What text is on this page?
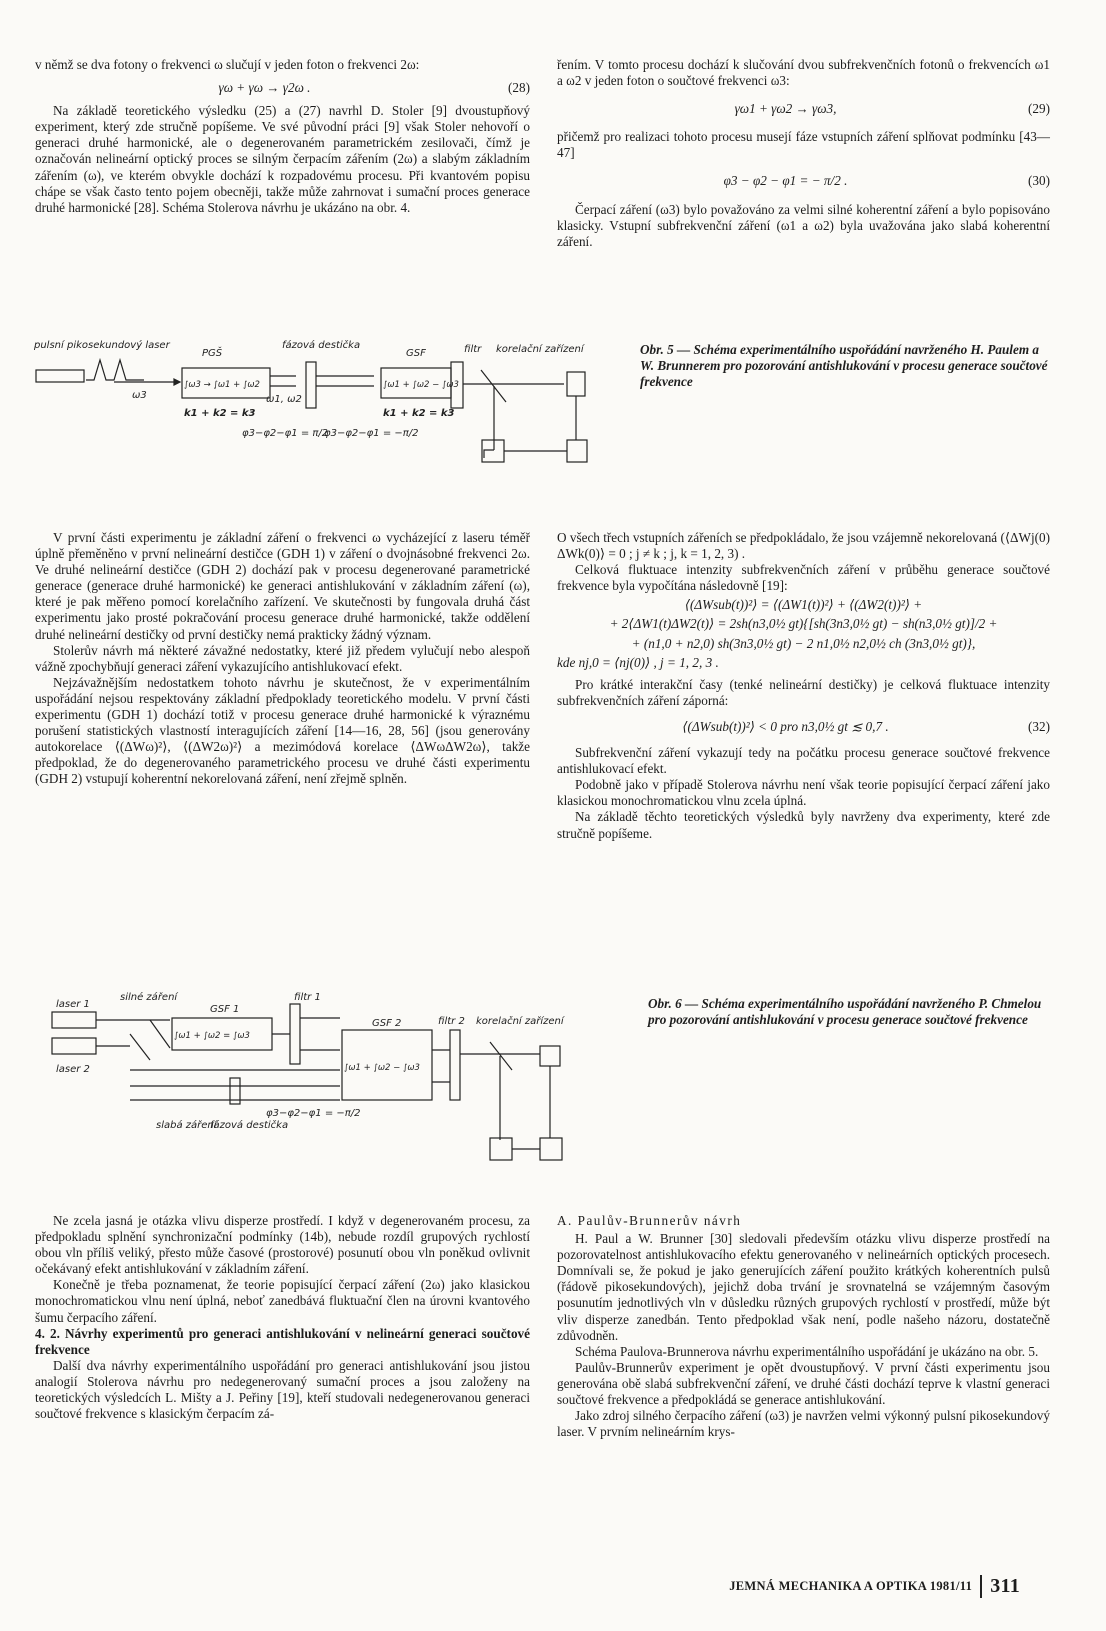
v němž se dva fotony o frekvenci ω slučují v jeden foton o frekvenci 2ω:

γω + γω → γ2ω .	(28)

Na základě teoretického výsledku (25) a (27) navrhl D. Stoler [9] dvoustupňový experiment, který zde stručně popíšeme. Ve své původní práci [9] však Stoler nehovoří o generaci druhé harmonické, ale o degenerovaném parametrickém zesilovači, čímž je označován nelineární optický proces se silným čerpacím zářením (2ω) a slabým základním zářením (ω), ve kterém obvykle dochází k rozpadovému procesu. Při kvantovém popisu chápe se však často tento pojem obecněji, takže může zahrnovat i sumační proces generace druhé harmonické [28]. Schéma Stolerova návrhu je ukázáno na obr. 4.

řením. V tomto procesu dochází k slučování dvou subfrekvenčních fotonů o frekvencích ω1 a ω2 v jeden foton o součtové frekvenci ω3:

γω1 + γω2 → γω3,	(29)

přičemž pro realizaci tohoto procesu musejí fáze vstupních záření splňovat podmínku [43—47]

φ3 − φ2 − φ1 = − π/2 .	(30)

Čerpací záření (ω3) bylo považováno za velmi silné koherentní záření a bylo popisováno klasicky. Vstupní subfrekvenční záření (ω1 a ω2) byla uvažována jako slabá koherentní záření.

pulsní pikosekundový laser
PGŠ
fázová destička
GSF	filtr korelační zařízení
ω3
∫ω3 → ∫ω1 + ∫ω2	∫ω1 + ∫ω2 − ∫ω3
ω1, ω2
k1 + k2 = k3	k1 + k2 = k3
φ3−φ2−φ1 = π/2
φ3−φ2−φ1 = −π/2
Obr. 5 — Schéma experimentálního uspořádání navrženého H. Paulem a W. Brunnerem pro pozorování antishlukování v procesu generace součtové frekvence

V první části experimentu je základní záření o frekvenci ω vycházející z laseru téměř úplně přeměněno v první nelineární destičce (GDH 1) v záření o dvojnásobné frekvenci 2ω. Ve druhé nelineární destičce (GDH 2) dochází pak v procesu degenerované parametrické generace (generace druhé harmonické) ke generaci antishlukování v základním záření (ω), které je pak měřeno pomocí korelačního zařízení. Ve skutečnosti by fungovala druhá část experimentu jako prosté pokračování procesu generace druhé harmonické, takže oddělení druhé nelineární destičky od první destičky nemá prakticky žádný význam.

Stolerův návrh má některé závažné nedostatky, které již předem vylučují nebo alespoň vážně zpochybňují generaci záření vykazujícího antishlukovací efekt.

Nejzávažnějším nedostatkem tohoto návrhu je skutečnost, že v experimentálním uspořádání nejsou respektovány základní předpoklady teoretického modelu. V první části experimentu (GDH 1) dochází totiž v procesu generace druhé harmonické k výraznému porušení statistických vlastností interagujících záření [14—16, 28, 56] (jsou generovány autokorelace ⟨(ΔWω)²⟩, ⟨(ΔW2ω)²⟩ a mezimódová korelace ⟨ΔWωΔW2ω⟩, takže předpoklad, že do degenerovaného parametrického procesu ve druhé části experimentu (GDH 2) vstupují koherentní nekorelovaná záření, není zřejmě splněn.

O všech třech vstupních zářeních se předpokládalo, že jsou vzájemně nekorelovaná (⟨ΔWj(0) ΔWk(0)⟩ = 0 ; j ≠ k ; j, k = 1, 2, 3) .

Celková fluktuace intenzity subfrekvenčních záření v průběhu generace součtové frekvence byla vypočítána následovně [19]:

⟨(ΔWsub(t))²⟩ = ⟨(ΔW1(t))²⟩ + ⟨(ΔW2(t))²⟩ +
+ 2⟨ΔW1(t)ΔW2(t)⟩ = 2sh(n3,0½ gt){[sh(3n3,0½ gt) − sh(n3,0½ gt)]/2 +
+ (n1,0 + n2,0) sh(3n3,0½ gt) − 2 n1,0½ n2,0½ ch (3n3,0½ gt)},

kde nj,0 = ⟨nj(0)⟩ , j = 1, 2, 3 .

Pro krátké interakční časy (tenké nelineární destičky) je celková fluktuace intenzity subfrekvenčních záření záporná:

⟨(ΔWsub(t))²⟩ < 0 pro n3,0½ gt ≲ 0,7 .	(32)

Subfrekvenční záření vykazují tedy na počátku procesu generace součtové frekvence antishlukovací efekt.

Podobně jako v případě Stolerova návrhu není však teorie popisující čerpací záření jako klasickou monochromatickou vlnu zcela úplná.

Na základě těchto teoretických výsledků byly navrženy dva experimenty, které zde stručně popíšeme.

laser 1
laser 2
silné záření
GSF 1
filtr 1
GSF 2	filtr 2 korelační zařízení
∫ω1 + ∫ω2 = ∫ω3
∫ω1 + ∫ω2 − ∫ω3
slabá záření
fázová destička
φ3−φ2−φ1 = −π/2
Obr. 6 — Schéma experimentálního uspořádání navrženého P. Chmelou pro pozorování antishlukování v procesu generace součtové frekvence

Ne zcela jasná je otázka vlivu disperze prostředí. I když v degenerovaném procesu, za předpokladu splnění synchronizační podmínky (14b), nebude rozdíl grupových rychlostí obou vln příliš veliký, přesto může časové (prostorové) posunutí obou vln poněkud ovlivnit očekávaný efekt antishlukování v základním záření.

Konečně je třeba poznamenat, že teorie popisující čerpací záření (2ω) jako klasickou monochromatickou vlnu není úplná, neboť zanedbává fluktuační člen na úrovni kvantového šumu čerpacího záření.

4. 2. Návrhy experimentů pro generaci antishlukování v nelineární generaci součtové frekvence

Další dva návrhy experimentálního uspořádání pro generaci antishlukování jsou jistou analogií Stolerova návrhu pro nedegenerovaný sumační proces a jsou založeny na teoretických výsledcích L. Mišty a J. Peřiny [19], kteří studovali nedegenerovanou generaci součtové frekvence s klasickým čerpacím zá-

A. Paulův-Brunnerův návrh

H. Paul a W. Brunner [30] sledovali především otázku vlivu disperze prostředí na pozorovatelnost antishlukovacího efektu generovaného v nelineárních optických procesech. Domnívali se, že pokud je jako generujících záření použito krátkých koherentních pulsů (řádově pikosekundových), jejichž doba trvání je srovnatelná se vzájemným časovým posunutím jednotlivých vln v důsledku různých grupových rychlostí v prostředí, může být vliv disperze zanedbán. Tento předpoklad však není, podle našeho názoru, dostatečně zdůvodněn.

Schéma Paulova-Brunnerova návrhu experimentálního uspořádání je ukázáno na obr. 5.

Paulův-Brunnerův experiment je opět dvoustupňový. V první části experimentu jsou generována obě slabá subfrekvenční záření, ve druhé části dochází teprve k vlastní generaci součtové frekvence a předpokládá se generace antishlukování.

Jako zdroj silného čerpacího záření (ω3) je navržen velmi výkonný pulsní pikosekundový laser. V prvním nelineárním krys-

JEMNÁ MECHANIKA A OPTIKA 1981/11 311
